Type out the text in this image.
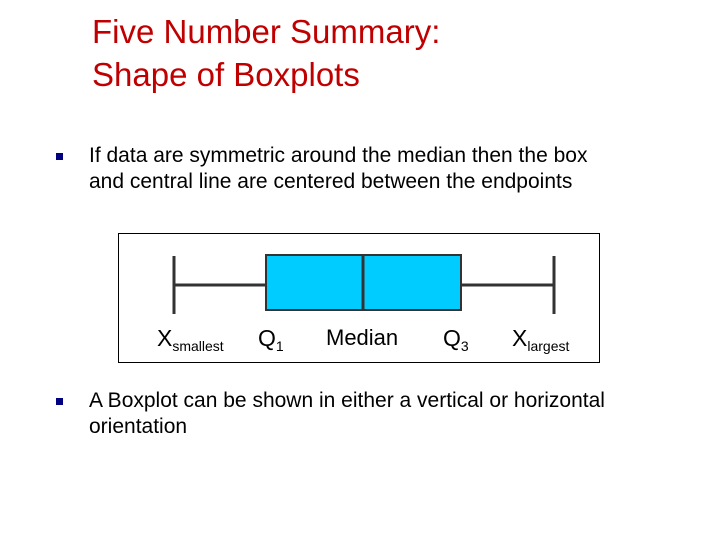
Five Number Summary:
Shape of Boxplots
If data are symmetric around the median then the box
and central line are centered between the endpoints
$X_{smallest}$ $Q_1$ Median $Q_3$ $X_{largest}$
A Boxplot can be shown in either a vertical or horizontal
orientation
